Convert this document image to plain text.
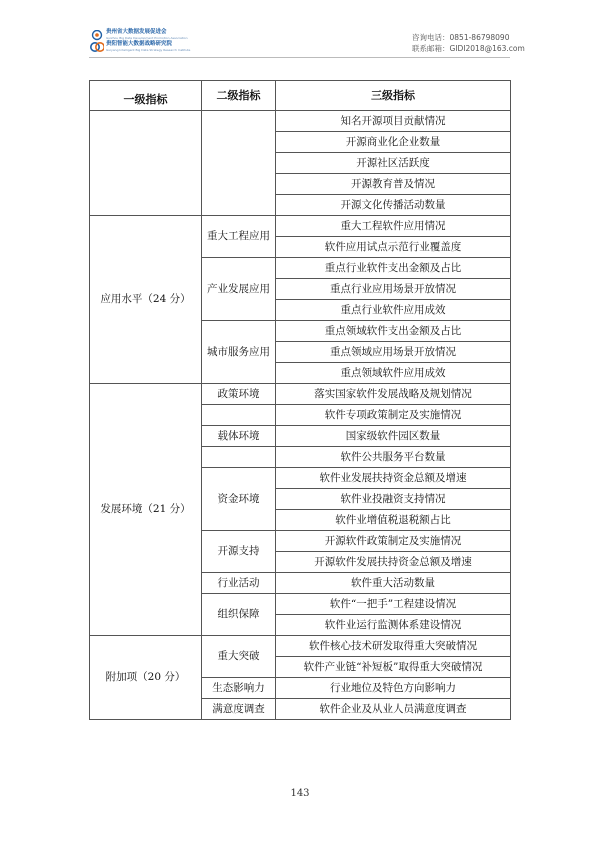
贵州省大数据发展促进会
Guizhou Big Data Development Promotion Association
贵阳智能大数据战略研究院
Guiyang Intelligent Big Data Strategy Research Institute
咨询电话：0851-86798090
联系邮箱：GIDI2018@163.com
一级指标	二级指标	三级指标
		知名开源项目贡献情况
		开源商业化企业数量
		开源社区活跃度
		开源教育普及情况
		开源文化传播活动数量
应用水平（24 分）	重大工程应用	重大工程软件应用情况
		软件应用试点示范行业覆盖度
	产业发展应用	重点行业软件支出金额及占比
		重点行业应用场景开放情况
		重点行业软件应用成效
	城市服务应用	重点领域软件支出金额及占比
		重点领域应用场景开放情况
		重点领域软件应用成效
发展环境（21 分）	政策环境	落实国家软件发展战略及规划情况
		软件专项政策制定及实施情况
	载体环境	国家级软件园区数量
		软件公共服务平台数量
	资金环境	软件业发展扶持资金总额及增速
		软件业投融资支持情况
		软件业增值税退税额占比
	开源支持	开源软件政策制定及实施情况
		开源软件发展扶持资金总额及增速
	行业活动	软件重大活动数量
	组织保障	软件“一把手”工程建设情况
		软件业运行监测体系建设情况
附加项（20 分）	重大突破	软件核心技术研发取得重大突破情况
		软件产业链“补短板”取得重大突破情况
	生态影响力	行业地位及特色方向影响力
	满意度调查	软件企业及从业人员满意度调查
143
